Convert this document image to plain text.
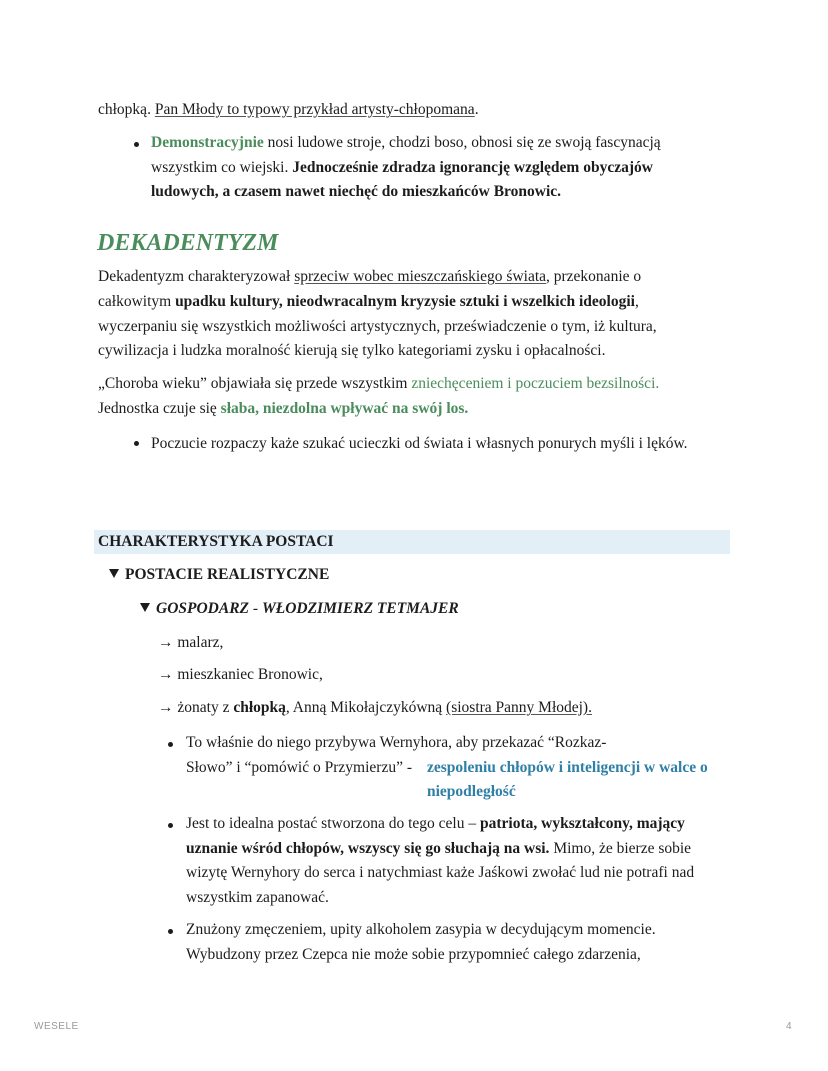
chłopką. Pan Młody to typowy przykład artysty-chłopomana.

Demonstracyjnie nosi ludowe stroje, chodzi boso, obnosi się ze swoją fascynacją wszystkim co wiejski. Jednocześnie zdradza ignorancję względem obyczajów ludowych, a czasem nawet niechęć do mieszkańców Bronowic.

DEKADENTYZM

Dekadentyzm charakteryzował sprzeciw wobec mieszczańskiego świata, przekonanie o całkowitym upadku kultury, nieodwracalnym kryzysie sztuki i wszelkich ideologii, wyczerpaniu się wszystkich możliwości artystycznych, przeświadczenie o tym, iż kultura, cywilizacja i ludzka moralność kierują się tylko kategoriami zysku i opłacalności.

„Choroba wieku” objawiała się przede wszystkim zniechęceniem i poczuciem bezsilności. Jednostka czuje się słaba, niezdolna wpływać na swój los.

Poczucie rozpaczy każe szukać ucieczki od świata i własnych ponurych myśli i lęków.

CHARAKTERYSTYKA POSTACI
POSTACIE REALISTYCZNE
GOSPODARZ - WŁODZIMIERZ TETMAJER

→ malarz,

→ mieszkaniec Bronowic,

→ żonaty z chłopką, Anną Mikołajczykówną (siostra Panny Młodej).

To właśnie do niego przybywa Wernyhora, aby przekazać “Rozkaz-Słowo” i “pomówić o Przymierzu” - zespoleniu chłopów i inteligencji w walce o niepodległość

Jest to idealna postać stworzona do tego celu – patriota, wykształcony, mający uznanie wśród chłopów, wszyscy się go słuchają na wsi. Mimo, że bierze sobie wizytę Wernyhory do serca i natychmiast każe Jaśkowi zwołać lud nie potrafi nad wszystkim zapanować.

Znużony zmęczeniem, upity alkoholem zasypia w decydującym momencie. Wybudzony przez Czepca nie może sobie przypomnieć całego zdarzenia,

WESELE	4
